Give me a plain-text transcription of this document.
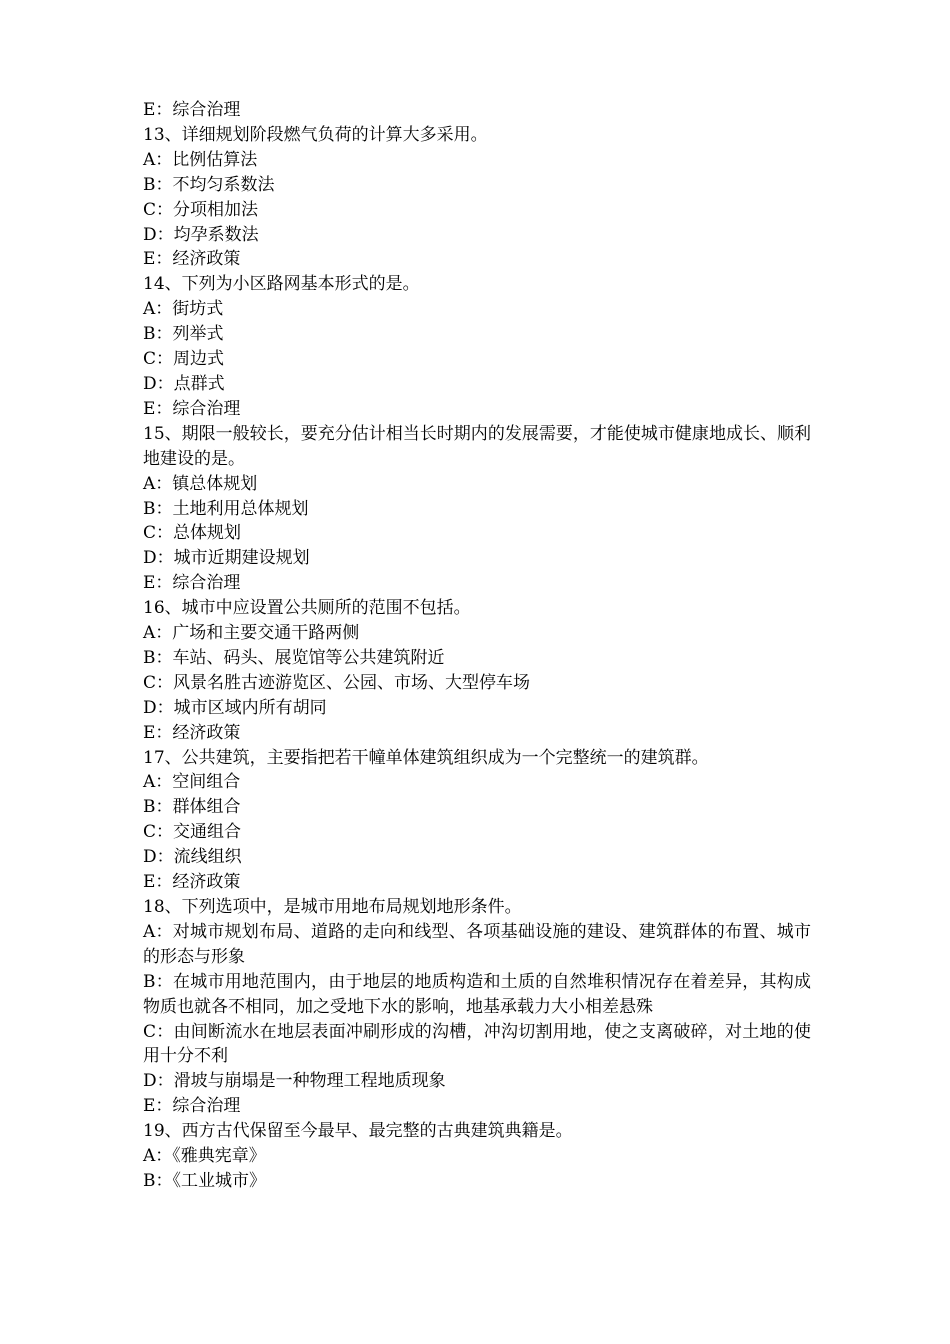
E：综合治理
13、详细规划阶段燃气负荷的计算大多采用。
A：比例估算法
B：不均匀系数法
C：分项相加法
D：均孕系数法
E：经济政策
14、下列为小区路网基本形式的是。
A：街坊式
B：列举式
C：周边式
D：点群式
E：综合治理
15、期限一般较长，要充分估计相当长时期内的发展需要，才能使城市健康地成长、顺利地建设的是。
A：镇总体规划
B：土地利用总体规划
C：总体规划
D：城市近期建设规划
E：综合治理
16、城市中应设置公共厕所的范围不包括。
A：广场和主要交通干路两侧
B：车站、码头、展览馆等公共建筑附近
C：风景名胜古迹游览区、公园、市场、大型停车场
D：城市区域内所有胡同
E：经济政策
17、公共建筑，主要指把若干幢单体建筑组织成为一个完整统一的建筑群。
A：空间组合
B：群体组合
C：交通组合
D：流线组织
E：经济政策
18、下列选项中，是城市用地布局规划地形条件。
A：对城市规划布局、道路的走向和线型、各项基础设施的建设、建筑群体的布置、城市的形态与形象
B：在城市用地范围内，由于地层的地质构造和土质的自然堆积情况存在着差异，其构成物质也就各不相同，加之受地下水的影响，地基承载力大小相差悬殊
C：由间断流水在地层表面冲刷形成的沟槽，冲沟切割用地，使之支离破碎，对土地的使用十分不利
D：滑坡与崩塌是一种物理工程地质现象
E：综合治理
19、西方古代保留至今最早、最完整的古典建筑典籍是。
A：《雅典宪章》
B：《工业城市》
